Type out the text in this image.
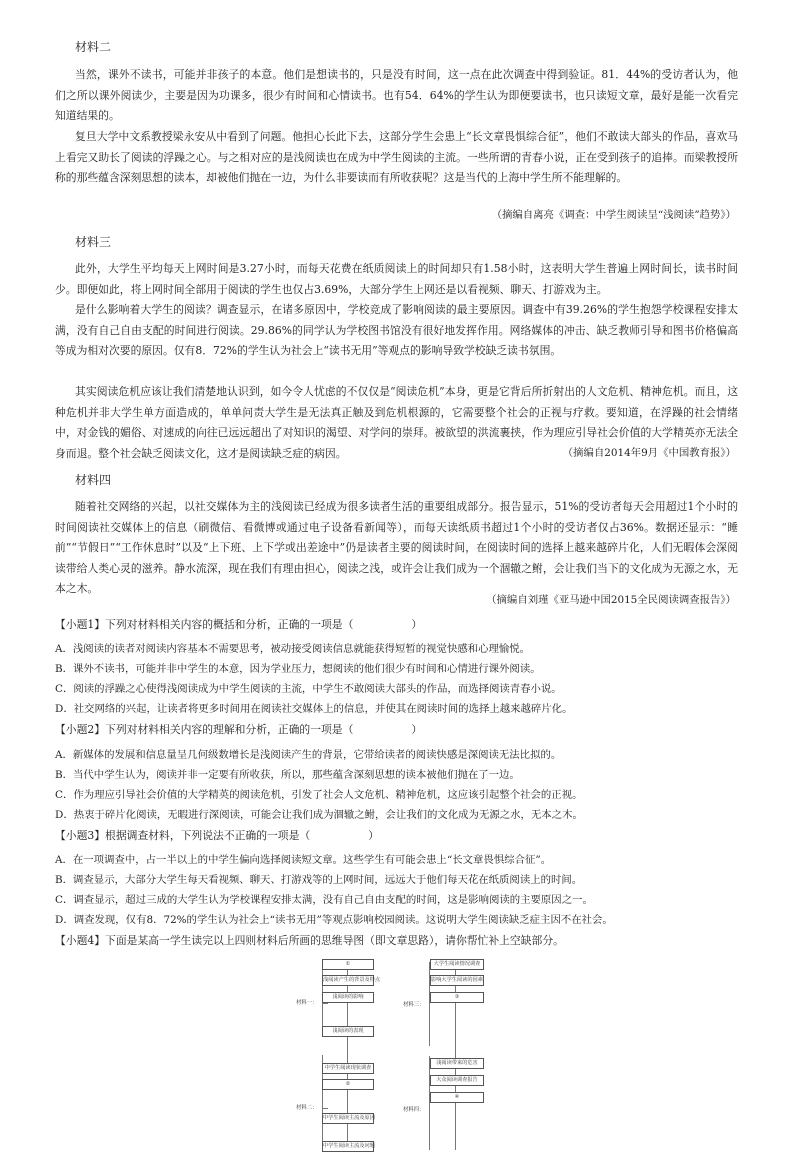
材料二

当然，课外不读书，可能并非孩子的本意。他们是想读书的，只是没有时间，这一点在此次调查中得到验证。81．44%的受访者认为，他们之所以课外阅读少，主要是因为功课多，很少有时间和心情读书。也有54．64%的学生认为即便要读书，也只读短文章，最好是能一次看完知道结果的。

复旦大学中文系教授梁永安从中看到了问题。他担心长此下去，这部分学生会患上“长文章畏惧综合征”，他们不敢读大部头的作品，喜欢马上看完又助长了阅读的浮躁之心。与之相对应的是浅阅读也在成为中学生阅读的主流。一些所谓的青春小说，正在受到孩子的追捧。而梁教授所称的那些蕴含深刻思想的读本，却被他们抛在一边，为什么非要读而有所收获呢？这是当代的上海中学生所不能理解的。

（摘编自离亮《调查：中学生阅读呈“浅阅读”趋势》）
材料三

此外，大学生平均每天上网时间是3.27小时，而每天花费在纸质阅读上的时间却只有1.58小时，这表明大学生普遍上网时间长，读书时间少。即便如此，将上网时间全部用于阅读的学生也仅占3.69%，大部分学生上网还是以看视频、聊天、打游戏为主。

是什么影响着大学生的阅读？调查显示，在诸多原因中，学校竞成了影响阅读的最主要原因。调查中有39.26%的学生抱怨学校课程安排太满，没有自己自由支配的时间进行阅读。29.86%的同学认为学校图书馆没有很好地发挥作用。网络媒体的冲击、缺乏教师引导和图书价格偏高等成为相对次要的原因。仅有8．72%的学生认为社会上“读书无用”等观点的影响导致学校缺乏读书氛围。

其实阅读危机应该让我们清楚地认识到，如今令人忧虑的不仅仅是“阅读危机”本身，更是它背后所折射出的人文危机、精神危机。而且，这种危机并非大学生单方面造成的，单单问责大学生是无法真正触及到危机根源的，它需要整个社会的正视与疗救。要知道，在浮躁的社会情绪中，对金钱的媚俗、对速成的向往已远远超出了对知识的渴望、对学问的崇拜。被欲望的洪流裹挟，作为理应引导社会价值的大学精英亦无法全身而退。整个社会缺乏阅读文化，这才是阅读缺乏症的病因。	（摘编自2014年9月《中国教育报》）
材料四

随着社交网络的兴起，以社交媒体为主的浅阅读已经成为很多读者生活的重要组成部分。报告显示，51%的受访者每天会用超过1个小时的时间阅读社交媒体上的信息（刷微信、看微博或通过电子设备看新闻等），而每天读纸质书超过1个小时的受访者仅占36%。数据还显示：“睡前”“节假日”“工作休息时”以及“上下班、上下学或出差途中”仍是读者主要的阅读时间，在阅读时间的选择上越来越碎片化，人们无暇体会深阅读带给人类心灵的滋养。静水流深，现在我们有理由担心，阅读之浅，或许会让我们成为一个涸辙之鲋，会让我们当下的文化成为无源之水，无本之木。

（摘编自刘瑾《亚马逊中国2015全民阅读调查报告》）
【小题1】下列对材料相关内容的概括和分析，正确的一项是（	）
A．浅阅读的读者对阅读内容基本不需要思考，被动接受阅读信息就能获得短暂的视觉快感和心理愉悦。
B．课外不读书，可能并非中学生的本意，因为学业压力，想阅读的他们很少有时间和心情进行课外阅读。
C．阅读的浮躁之心使得浅阅读成为中学生阅读的主流，中学生不敢阅读大部头的作品，而选择阅读青春小说。
D．社交网络的兴起，让读者将更多时间用在阅读社交媒体上的信息，并使其在阅读时间的选择上越来越碎片化。
【小题2】下列对材料相关内容的理解和分析，正确的一项是（	）
A．新媒体的发展和信息量呈几何级数增长是浅阅读产生的背景，它带给读者的阅读快感是深阅读无法比拟的。
B．当代中学生认为，阅读并非一定要有所收获，所以，那些蕴含深刻思想的读本被他们抛在了一边。
C．作为理应引导社会价值的大学精英的阅读危机，引发了社会人文危机、精神危机，这应该引起整个社会的正视。
D．热衷于碎片化阅读，无暇进行深阅读，可能会让我们成为涸辙之鲋，会让我们的文化成为无源之水，无本之木。
【小题3】根据调查材料，下列说法不正确的一项是（	）
A．在一项调查中，占一半以上的中学生偏向选择阅读短文章。这些学生有可能会患上“长文章畏惧综合征”。
B．调查显示，大部分大学生每天看视频、聊天、打游戏等的上网时间，远远大于他们每天花在纸质阅读上的时间。
C．调查显示，超过三成的大学生认为学校课程安排太满，没有自己自由支配的时间，这是影响阅读的主要原因之一。
D．调查发现，仅有8．72%的学生认为社会上“读书无用”等观点影响校园阅读。这说明大学生阅读缺乏症主因不在社会。
【小题4】下面是某高一学生读完以上四则材料后所画的思维导图（即文章思路），请你帮忙补上空缺部分。
①
浅阅读产生的背景及特点
浅阅读的影响
浅阅读的表现
中学生阅读现状调查
②
中学生阅读主流及原因
中学生阅读主流及问题
材料一：
材料二：
大学生阅读情况调查
影响大学生阅读的因素
③
浅阅读带来的危害
大众阅读调查报告
④
材料三：
材料四：
